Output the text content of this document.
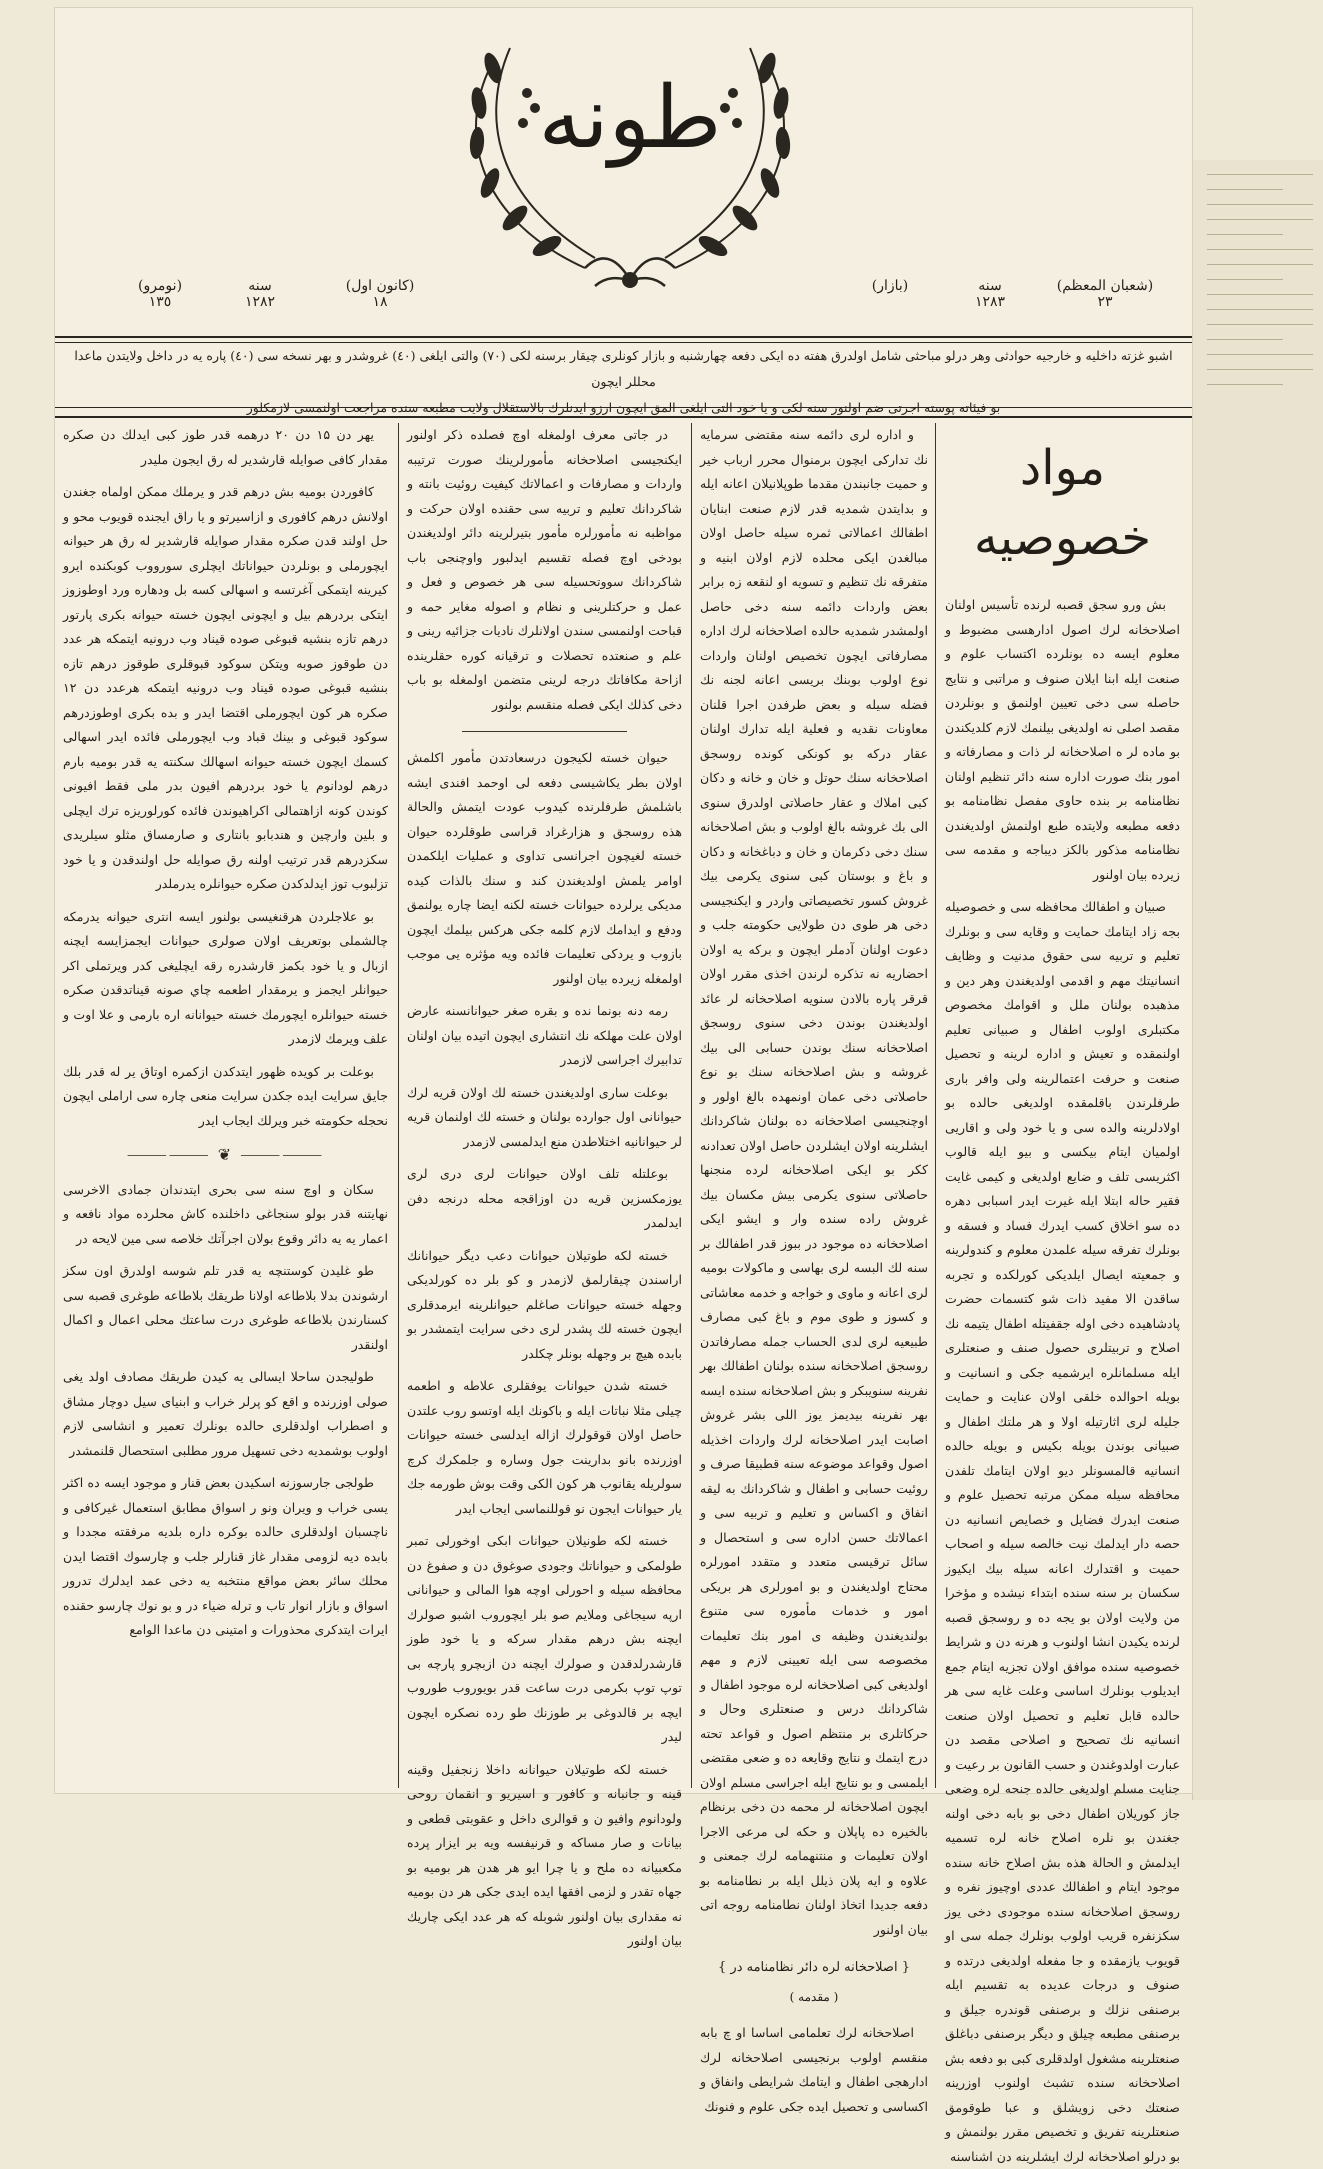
طونه
(نومرو)
١٣٥
سنه
١٢٨٢
(كانون اول)
١٨
(بازار)	سنه
١٢٨٣
(شعبان المعظم)
٢٣
اشبو غزته داخليه و خارجيه حوادثى وهر درلو مباحثى شامل اولدرق هفته ده ايكى دفعه چهارشنبه و بازار كونلرى چيقار برسنه لكى (٧٠) والتى ايلغى (٤٠) غروشدر و بهر نسخه سى (٤٠) پاره يه در داخل ولايتدن ماعدا محللر ايچون
بو فيئاته پوسته اجرتى ضم اولنور سنه لكى و يا خود التى ايلغى المق ايچون ارزو ايدنلرك بالاستقلال ولايت مطبعه سنده مراجعت اولنمسى لازمكلور
مواد خصوصيه

بش ورو سجق قصبه لرنده تأسيس اولنان اصلاحخانه لرك اصول ادارهسى مضبوط و معلوم ايسه ده بونلرده اكتساب علوم و صنعت ايله ابنا ايلان صنوف و مراتبى و نتايج حاصله سى دخى تعيين اولنمق و بونلردن مقصد اصلى نه اولديغى بيلنمك لازم كلديكندن بو ماده لر ه اصلاحخانه لر ذات و مصارفاته و امور بنك صورت اداره سنه دائر تنظيم اولنان نظامنامه بر بنده حاوى مفصل نظامنامه بو دفعه مطبعه ولايتده طبع اولنمش اولديغندن نظامنامه مذكور بالكز ديباجه و مقدمه سى زيرده بيان اولنور

صبيان و اطفالك محافظه سى و خصوصيله بجه زاد ايتامك حمايت و وقايه سى و بونلرك تعليم و تربيه سى حقوق مدنيت و وظايف انسانيتك مهم و اقدمى اولديغندن وهر دين و مذهبده بولنان ملل و اقوامك مخصوص مكتبلرى اولوب اطفال و صبيانى تعليم اولنمقده و تعيش و اداره لرينه و تحصيل صنعت و حرفت اعتمالرينه ولى وافر بارى طرفلرندن باقلمقده اولديغى حالده بو اولادلرينه والده سى و يا خود ولى و اقاريى اولميان ايتام بيكسى و بيو ايله قالوب اكثريسى تلف و ضايع اولديغى و كيمى غايت فقير حاله ابتلا ايله غيرت ايدر اسبابى دهره ده سو اخلاق كسب ايدرك فساد و فسقه و بونلرك تفرقه سيله علمدن معلوم و كندولرينه و جمعيته ايصال ايلديكى كورلكده و تجربه ساقدن الا مفيد ذات شو كتسمات حضرت پادشاهیده دخى اوله جقفيتله اطفال يتيمه نك اصلاح و تربيتلرى حصول صنف و صنعتلرى ايله مسلمانلره ايرشميه جكى و انسانيت و بويله احوالده خلقى اولان عنايت و حمايت جليله لرى اثارتيله اولا و هر ملتك اطفال و صبيانى بوندن بويله بكيس و بويله حالده انسانيه قالمسونلر ديو اولان ايتامك تلفدن محافظه سيله ممكن مرتبه تحصيل علوم و صنعت ايدرك فضايل و خصايص انسانيه دن حصه دار ايدلمك نيت خالصه سيله و اصحاب حميت و اقتدارك اعانه سيله بيك ايكيوز سكسان بر سنه سنده ابتداء نيشده و مؤخرا من ولايت اولان بو يجه ده و روسجق قصبه لرنده يكيدن انشا اولنوب و هرنه دن و شرايط خصوصيه سنده موافق اولان تجزيه ايتام جمع ايديلوب بونلرك اساسى وعلت غايه سى هر حالده قابل تعليم و تحصيل اولان صنعت انسانيه نك تصحيح و اصلاحى مقصد دن عبارت اولدوغندن و حسب القانون بر رعيت و جنايت مسلم اولديغى حالده جنحه لره وضعى جاز كوريلان اطفال دخى بو بابه دخى اولنه جغندن بو نلره اصلاح خانه لره تسميه ايدلمش و الحالة هذه بش اصلاح خانه سنده موجود ايتام و اطفالك عددى اوچيوز نفره و روسجق اصلاحخانه سنده موجودى دخى يوز سكزنفره قريب اولوب بونلرك جمله سى او قويوب يازمقده و جا مفعله اولديغى درتده و صنوف و درجات عديده به تقسيم ايله برصنفى نزلك و برصنفى قوندره جيلق و برصنفى مطبعه چيلق و ديگر برصنفى دباغلق صنعتلرينه مشغول اولدقلرى كبى بو دفعه بش اصلاحخانه سنده تشبث اولنوب اوزرينه صنعتك دخى زويشلق و عبا طوقومق صنعتلرينه تفريق و تخصيص مقرر بولنمش و بو درلو اصلاحخانه لرك ايشلرينه دن اشناسنه

و اداره لرى دائمه سنه مقتضى سرمايه نك تداركى ايچون برمنوال محرر ارباب خير و حميت جانبندن مقدما طوپلانيلان اعانه ايله و بدايتدن شمديه قدر لازم صنعت ابنايان اطفالك اعمالاتى ثمره سيله حاصل اولان مبالغدن ايكى محلده لازم اولان ابنيه و متفرقه نك تنظيم و تسويه او لنقعه زه برابر بعض واردات دائمه سنه دخى حاصل اولمشدر شمديه حالده اصلاحخانه لرك اداره مصارفاتى ايچون تخصيص اولنان واردات نوع اولوب بوبنك بريسى اعانه لجنه نك فضله سيله و بعض طرفدن اجرا قلنان معاونات نقديه و فعلية ايله تدارك اولنان عقار دركه بو كونكى كونده روسجق اصلاحخانه سنك حوتل و خان و خانه و دكان كبى املاك و عقار حاصلاتى اولدرق سنوى الى بك غروشه بالغ اولوب و بش اصلاحخانه سنك دخى دكرمان و خان و دباغخانه و دكان و باغ و بوستان كبى سنوى يكرمى بيك غروش كسور تخصيصاتى واردر و ايكنجيسى دخى هر طوى دن طولايى حكومته جلب و دعوت اولنان آدملر ايچون و بركه يه اولان احضاريه نه تذكره لرندن اخذى مقرر اولان قرقر پاره بالادن سنويه اصلاحخانه لر عائد اولديغندن بوندن دخى سنوى روسجق اصلاحخانه سنك بوندن حسابى الى بيك غروشه و بش اصلاحخانه سنك بو نوع حاصلاتى دخى عمان اونمهده بالغ اولور و اوچنجيسى اصلاحخانه ده بولنان شاكردانك ايشلرينه اولان ايشلردن حاصل اولان تعدادنه ككر بو ايكى اصلاحخانه لرده منجنها حاصلاتى سنوى يكرمى بيش مكسان بيك غروش راده سنده وار و ايشو ايكى اصلاحخانه ده موجود در ببوز قدر اطفالك بر سنه لك البسه لرى بهاسى و ماكولات بوميه لرى اعانه و ماوى و خواجه و خدمه معاشاتى و كسوز و طوى موم و باغ كبى مصارف طبيعيه لرى لدى الحساب جمله مصارفاتدن روسجق اصلاحخانه سنده بولنان اطفالك بهر نفرينه سنويبكر و بش اصلاحخانه سنده ايسه بهر نفرينه بيديمز يوز اللى بشر غروش اصابت ايدر اصلاحخانه لرك واردات اخذيله اصول وقواعد موضوعه سنه قطبيقا صرف و روئيت حسابى و اطفال و شاكردانك به ليقه انفاق و اكساس و تعليم و تربيه سى و اعمالاتك حسن اداره سى و استحصال و سائل ترقيسى متعدد و متقدد امورلره محتاج اولديغندن و بو امورلرى هر بريكى امور و خدمات مأموره سى متنوع بولنديغندن وظيفه ى امور بنك تعليمات مخصوصه سى ايله تعيينى لازم و مهم اولديغى كبى اصلاحخانه لره موجود اطفال و شاكردانك درس و صنعتلرى وحال و حركاتلرى بر منتظم اصول و قواعد تحته درج ايتمك و نتايج وقايعه ده و ضعى مقتضى ايلمسى و بو نتايج ايله اجراسى مسلم اولان ايچون اصلاحخانه لر محمه دن دخى برنظام بالخيره ده پاپلان و حكه لى مرعى الاجرا اولان تعليمات و منتنهمامه لرك جمعنى و علاوه و ايه پلان ذيلل ايله بر نطامنامه بو دفعه جديدا اتخاذ اولنان نطامنامه روجه اتى بيان اولنور

{ اصلاحخانه لره دائر نظامنامه در }
( مقدمه )

اصلاحخانه لرك تعلمامى اساسا او چ بابه منقسم اولوب برنجيسى اصلاحخانه لرك ادارهجى اطفال و ايتامك شرايطى وانفاق و اكساسى و تحصيل ايده جكى علوم و فنونك

در جاتى معرف اولمغله اوچ فصلده ذكر اولنور ايكنجيسى اصلاحخانه مأمورلرينك صورت ترتيبه واردات و مصارفات و اعمالاتك كيفيت روئيت بانته و شاكردانك تعليم و تربيه سى حقنده اولان حركت و مواظبه نه مأمورلره مأمور بتيرلرينه دائر اولديغندن بودخى اوچ فصله تقسيم ايدلبور واوچنجى باب شاكردانك سووتحسيله سى هر خصوص و فعل و عمل و حركتلرينى و نظام و اصوله مغاير حمه و قباحت اولنمسى سندن اولانلرك نادیات جزائيه رينى و علم و صنعتده تحصلات و ترقيانه كوره حقلرينده ازاحة مكافاتك درجه لرينى متضمن اولمغله بو باب دخى كذلك ايكى فصله منقسم بولنور

حيوان خسته لكيجون درسعادتدن مأمور اكلمش اولان بطر يكاشيسى دفعه لى اوحمد افندى ايشه باشلمش طرفلرنده كيدوب عودت ايتمش والحالة هذه روسجق و هزارغراد قراسى طوقلرده حيوان خسته لغيچون اجرانسى تداوى و عمليات ايلكمدن اوامر يلمش اولديغندن كند و سنك بالذات كيده مديكى يرلرده حيوانات خسته لكنه ايضا چاره يولنمق ودفع و ايدامك لازم كلمه جكى هركس بيلمك ايچون بازوب و يردكى تعليمات فائده ويه مؤثره يى موجب اولمغله زيرده بيان اولنور

رمه دنه بونما نده و بقره صغر حيوانانسنه عارض اولان علت مهلكه نك انتشارى ايچون اتيده بيان اولنان تدابيرك اجراسى لازمدر

بوعلت سارى اولديغندن خسته لك اولان قريه لرك حيوانانى اول جوارده بولنان و خسته لك اولنمان قريه لر حيوانانيه اختلاطدن منع ايدلمسى لازمدر

بوعلتله تلف اولان حيوانات لرى درى لرى يوزمكسزين قريه دن اوزاقجه محله درنجه دفن ايدلمدر

خسته لكه طوتيلان حيوانات دعب دیگر حيوانانك اراسندن چيقارلمق لازمدر و كو بلر ده كورلديكى وجهله خسته حيوانات صاغلم حيوانلرينه ايرمدقلرى ايچون خسته لك پشدر لرى دخى سرايت ايتمشدر بو بابده هيچ بر وجهله بونلر چكلدر

خسته شدن حيوانات يوفقلرى علاطه و اطعمه چيلى مثلا نباتات ايله و باكونك ايله اوتسو روب علتدن حاصل اولان قوقولرك ازاله ايدلسى خسته حيوانات اوزرنده بانو بدارينت جول وساره و جلمكرك كرچ سولريله يقانوب هر كون الكى وقت بوش طورمه جك يار حيوانات ايجون نو قوللنماسى ايجاب ايدر

خسته لكه طونيلان حيوانات ابكى اوخورلى تمبر طولمكى و حيواناتك وجودى صوغوق دن و صفوغ دن محافظه سيله و احورلى اوچه هوا المالى و حيوانانى ارپه سيجاغى وملايم صو بلر ايچوروب اشبو صولرك ايچنه بش درهم مقدار سركه و يا خود طوز قارشدرلدقدن و صولرك ايچنه دن ازبچرو پارچه بى توپ توپ بكرمى درت ساعت قدر بويوروب طوروب ايچه بر قالدوغى بر طوزنك طو رده نصكره ايچون ليدر

خسته لكه طوتيلان حيوانانه داخلا زنجفيل وقينه قينه و جانبانه و كافور و اسيريو و انقمان روحى ولودانوم وافيو ن و قوالرى داخل و عقوبتى قطعى و بيانات و صار مساكه و قرنيفسه ويه بر ايزار پرده مكعبيانه ده ملح و يا چرا ايو هر هدن هر بوميه بو جهاه تقدر و لزمى افقها ايده ايدى جكى هر دن بوميه نه مقدارى بيان اولنور شوبله كه هر عدد ايكى چاريك بيان اولنور

يهر دن ۱۵ دن ۲۰ درهمه قدر طوز كبى ايدلك دن صكره مقدار كافى صوايله قارشدير له رق ايجون مليدر

كافوردن بوميه بش درهم قدر و يرملك ممكن اولماه جغندن اولانش درهم كافورى و ازاسيرتو و يا راق ايجنده قويوب محو و حل اولند قدن صكره مقدار صوايله قارشدير له رق هر حيوانه ايچورملى و بونلردن حيواناتك ايچلرى سورووب كوبكنده ايرو كيرينه ايتمكى آغرتسه و اسهالى كسه بل ودهاره ورد اوطوزوز ايتكى بردرهم بيل و ايچونى ايچون خسته حيوانه بكرى پارتور درهم تازه بنشيه قبوغى صوده قيناد وب درونيه ايتمكه هر عدد دن طوقوز صوبه ويتكن سوكود قبوقلرى طوقوز درهم تازه بنشيه قبوغى صوده قيناد وب درونيه ايتمكه هرعدد دن ۱۲ صكره هر كون ايچورملى اقتضا ايدر و بده بكرى اوطوزدرهم سوكود قبوغى و بينك قباد وب ايچورملى فائده ايدر اسهالى كسمك ايچون خسته حيوانه اسهالك سكنته يه قدر بوميه بارم درهم لودانوم يا خود بردرهم افيون بدر ملى فقط افيونى كوندن كونه ازاهتمالى اكراهيوندن فائده كورلوريزه ترك ايچلى و بلين وارچين و هندبابو بانتارى و صارمساق مثلو سيلريدى سكزدرهم قدر ترتيب اولنه رق صوايله حل اولندقدن و يا خود تزلبوب توز ايدلدكدن صكره حيوانلره يدرملدر

بو علاجلردن هرقنغيسى بولنور ايسه انترى حيوانه يدرمكه چالشملى بوتعريف اولان صولرى حيوانات ايجمزايسه ايچنه ازبال و يا خود بكمز قارشدره رقه ايچليغى كدر ويرتملى اكر حيوانلر ايجمز و يرمقدار اطعمه چاي صونه قيناتدقدن صكره خسته حيوانلره ايچورمك خسته حيوانانه اره بارمى و علا اوت و علف ويرمك لازمدر

بوعلت بر كويده ظهور ايتدكدن ازكمره اوتاق ير له قدر بلك جايق سرايت ايده جكدن سرايت منعى چاره سى اراملى ايچون نحجله حكومته خبر ويرلك ايجاب ايدر

⸻⸻ ❦ ⸻⸻

سكان و اوچ سنه سى بحرى ايتدندان جمادى الاخرسى نهايتنه قدر بولو سنجاغى داخلنده كاش محلرده مواد نافعه و اعمار يه يه دائر وقوع بولان اجرآتك خلاصه سى مين لايحه در

طو غليدن كوستنچه يه قدر تلم شوسه اولدرق اون سكز ارشوندن بدلا بلاطاعه اولانا طريقك بلاطاعه طوغرى قصبه سى كسنارندن بلاطاعه طوغرى درت ساعتك محلى اعمال و اكمال اولنقدر

طوليجدن ساحلا ايسالى يه كيدن طريقك مصادف اولد يغى صولى اوزرنده و اقع كو پرلر خراب و ابنياى سيل دوچار مشاق و اصطراب اولدقلرى حالده بونلرك تعمير و انشاسى لازم اولوب بوشمديه دخى تسهيل مرور مطلبى استحصال قلنمشدر

طولجى جارسوزنه اسكيدن بعض قنار و موجود ايسه ده اكثر يسى خراب و ويران ونو ر اسواق مطابق استعمال غيركافى و ناچسبان اولدقلرى حالده بوكره داره بلديه مرفقته مجددا و بابده ديه لزومى مقدار غاز قنارلر جلب و چارسوك اقتضا ايدن محلك سائر بعض مواقع منتخبه يه دخى عمد ايدلرك تدرور اسواق و بازار انوار تاب و ترله ضياء در و بو نوك چارسو حقنده ايرات ايتدكرى محذورات و امتينى دن ماعدا الوامع
